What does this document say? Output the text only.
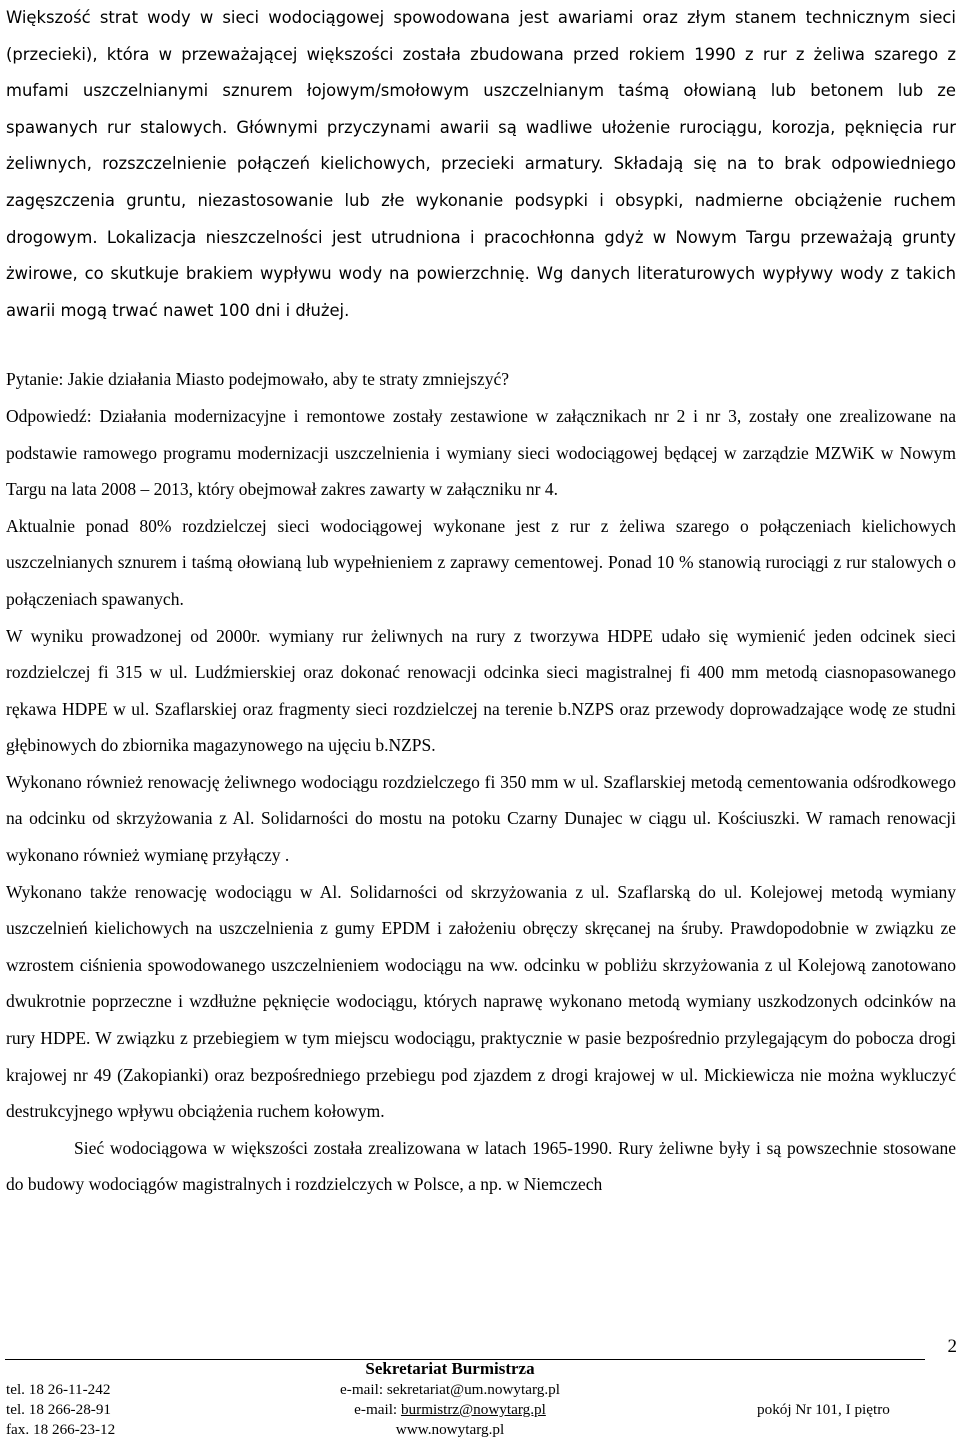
Większość strat wody w sieci wodociągowej spowodowana jest awariami oraz złym stanem technicznym sieci (przecieki), która w przeważającej większości została zbudowana przed rokiem 1990 z rur z żeliwa szarego z mufami uszczelnianymi sznurem łojowym/smołowym uszczelnianym taśmą ołowianą lub betonem lub ze spawanych rur stalowych. Głównymi przyczynami awarii są wadliwe ułożenie rurociągu, korozja, pęknięcia rur żeliwnych, rozszczelnienie połączeń kielichowych, przecieki armatury. Składają się na to brak odpowiedniego zagęszczenia gruntu, niezastosowanie lub złe wykonanie podsypki i obsypki, nadmierne obciążenie ruchem drogowym. Lokalizacja nieszczelności jest utrudniona i pracochłonna gdyż w Nowym Targu przeważają grunty żwirowe, co skutkuje brakiem wypływu wody na powierzchnię. Wg danych literaturowych wypływy wody z takich awarii mogą trwać nawet 100 dni i dłużej.

Pytanie: Jakie działania Miasto podejmowało, aby te straty zmniejszyć?

Odpowiedź: Działania modernizacyjne i remontowe zostały zestawione w załącznikach nr 2 i nr 3, zostały one zrealizowane na podstawie ramowego programu modernizacji uszczelnienia i wymiany sieci wodociągowej będącej w zarządzie MZWiK w Nowym Targu na lata 2008 – 2013, który obejmował zakres zawarty w załączniku nr 4.

Aktualnie ponad 80% rozdzielczej sieci wodociągowej wykonane jest z rur z żeliwa szarego o połączeniach kielichowych uszczelnianych sznurem i taśmą ołowianą lub wypełnieniem z zaprawy cementowej. Ponad 10 % stanowią rurociągi z rur stalowych o połączeniach spawanych.

W wyniku prowadzonej od 2000r. wymiany rur żeliwnych na rury z tworzywa HDPE udało się wymienić jeden odcinek sieci rozdzielczej fi 315 w ul. Ludźmierskiej oraz dokonać renowacji odcinka sieci magistralnej fi 400 mm metodą ciasnopasowanego rękawa HDPE w ul. Szaflarskiej oraz fragmenty sieci rozdzielczej na terenie b.NZPS oraz przewody doprowadzające wodę ze studni głębinowych do zbiornika magazynowego na ujęciu b.NZPS.

Wykonano również renowację żeliwnego wodociągu rozdzielczego fi 350 mm w ul. Szaflarskiej metodą cementowania odśrodkowego na odcinku od skrzyżowania z Al. Solidarności do mostu na potoku Czarny Dunajec w ciągu ul. Kościuszki. W ramach renowacji wykonano również wymianę przyłączy .

Wykonano także renowację wodociągu w Al. Solidarności od skrzyżowania z ul. Szaflarską do ul. Kolejowej metodą wymiany uszczelnień kielichowych na uszczelnienia z gumy EPDM i założeniu obręczy skręcanej na śruby. Prawdopodobnie w związku ze wzrostem ciśnienia spowodowanego uszczelnieniem wodociągu na ww. odcinku w pobliżu skrzyżowania z ul Kolejową zanotowano dwukrotnie poprzeczne i wzdłużne pęknięcie wodociągu, których naprawę wykonano metodą wymiany uszkodzonych odcinków na rury HDPE. W związku z przebiegiem w tym miejscu wodociągu, praktycznie w pasie bezpośrednio przylegającym do pobocza drogi krajowej nr 49 (Zakopianki) oraz bezpośredniego przebiegu pod zjazdem z drogi krajowej w ul. Mickiewicza nie można wykluczyć destrukcyjnego wpływu obciążenia ruchem kołowym.

Sieć wodociągowa w większości została zrealizowana w latach 1965-1990. Rury żeliwne były i są powszechnie stosowane do budowy wodociągów magistralnych i rozdzielczych w Polsce, a np. w Niemczech

2
Sekretariat Burmistrza
tel. 18 26-11-242	e-mail: sekretariat@um.nowytarg.pl
tel. 18 266-28-91	e-mail: burmistrz@nowytarg.pl	pokój Nr 101, I piętro
fax. 18 266-23-12	www.nowytarg.pl
